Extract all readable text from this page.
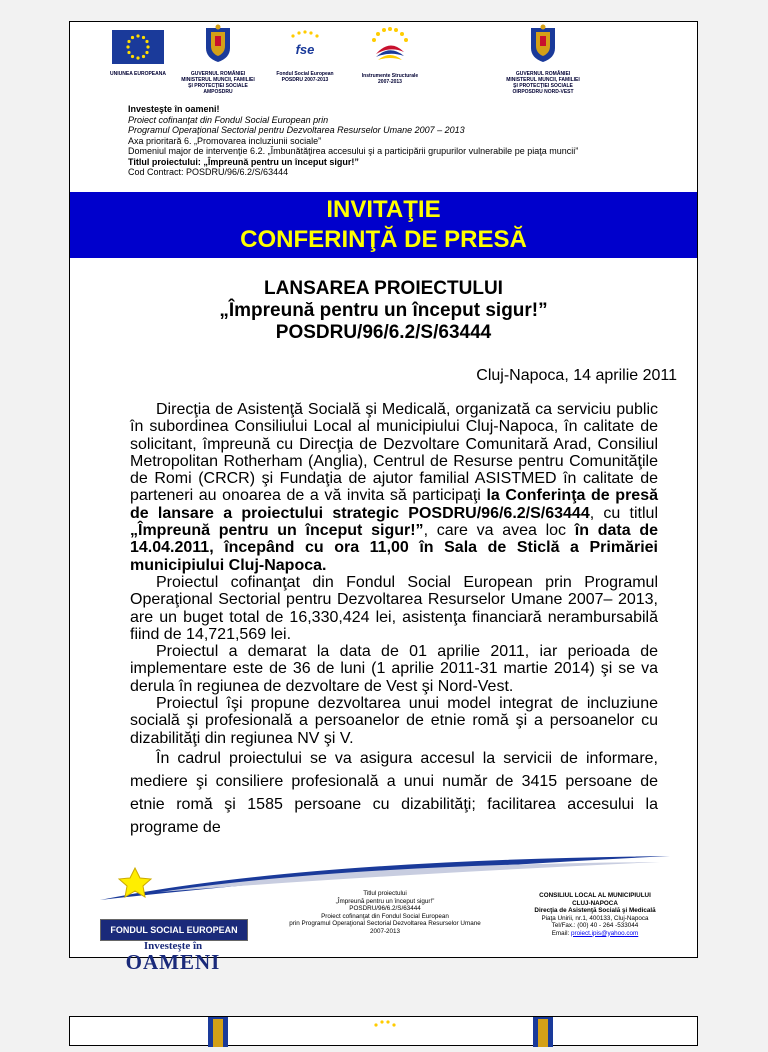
UNIUNEA EUROPEANA	GUVERNUL ROMÂNIEI
MINISTERUL MUNCII, FAMILIEI
ŞI PROTECŢIEI SOCIALE
AMPOSDRU
fse
Fondul Social European
POSDRU 2007-2013
Instrumente Structurale
2007-2013
GUVERNUL ROMÂNIEI
MINISTERUL MUNCII, FAMILIEI
ŞI PROTECŢIEI SOCIALE
OIRPOSDRU NORD-VEST
Investeşte în oameni!
Proiect cofinanţat din Fondul Social European prin
Programul Operaţional Sectorial pentru Dezvoltarea Resurselor Umane 2007 – 2013
Axa prioritară 6. „Promovarea incluziunii sociale”
Domeniul major de intervenţie 6.2. „Îmbunătăţirea accesului şi a participării grupurilor vulnerabile pe piaţa muncii”
Titlul proiectului: „Împreună pentru un început sigur!”
Cod Contract: POSDRU/96/6.2/S/63444
INVITAŢIE
CONFERINŢĂ DE PRESĂ
LANSAREA PROIECTULUI
„Împreună pentru un început sigur!”
POSDRU/96/6.2/S/63444
Cluj-Napoca, 14 aprilie 2011

Direcţia de Asistenţă Socială şi Medicală, organizată ca serviciu public în subordinea Consiliului Local al municipiului Cluj-Napoca, în calitate de solicitant, împreună cu Direcţia de Dezvoltare Comunitară Arad, Consiliul Metropolitan Rotherham (Anglia), Centrul de Resurse pentru Comunităţile de Romi (CRCR) şi Fundaţia de ajutor familial ASISTMED în calitate de parteneri au onoarea de a vă invita să participaţi la Conferinţa de presă de lansare a proiectului strategic POSDRU/96/6.2/S/63444, cu titlul „Împreună pentru un început sigur!”, care va avea loc în data de 14.04.2011, începând cu ora 11,00 în Sala de Sticlă a Primăriei municipiului Cluj-Napoca.

Proiectul cofinanţat din Fondul Social European prin Programul Operaţional Sectorial pentru Dezvoltarea Resurselor Umane 2007– 2013, are un buget total de 16,330,424 lei, asistenţa financiară nerambursabilă fiind de 14,721,569 lei.

Proiectul a demarat la data de 01 aprilie 2011, iar perioada de implementare este de 36 de luni (1 aprilie 2011-31 martie 2014) şi se va derula în regiunea de dezvoltare de Vest şi Nord-Vest.

Proiectul îşi propune dezvoltarea unui model integrat de incluziune socială şi profesională a persoanelor de etnie romă şi a persoanelor cu dizabilităţi din regiunea NV şi V.

În cadrul proiectului se va asigura accesul la servicii de informare, mediere şi consiliere profesională a unui număr de 3415 persoane de etnie romă şi 1585 persoane cu dizabilităţi; facilitarea accesului la programe de

FONDUL SOCIAL EUROPEAN
Investeşte în
OAMENI
Titlul proiectului
„Împreună pentru un început sigur!”
POSDRU/96/6.2/S/63444
Proiect cofinanţat din Fondul Social European
prin Programul Operaţional Sectorial Dezvoltarea Resurselor Umane
2007-2013
CONSILIUL LOCAL AL MUNICIPIULUI
CLUJ-NAPOCA
Direcţia de Asistenţă Socială şi Medicală
Piaţa Unirii, nr.1, 400133, Cluj-Napoca
Tel/Fax.: (00) 40 - 264 -533044
Email: proiect.ipis@yahoo.com
